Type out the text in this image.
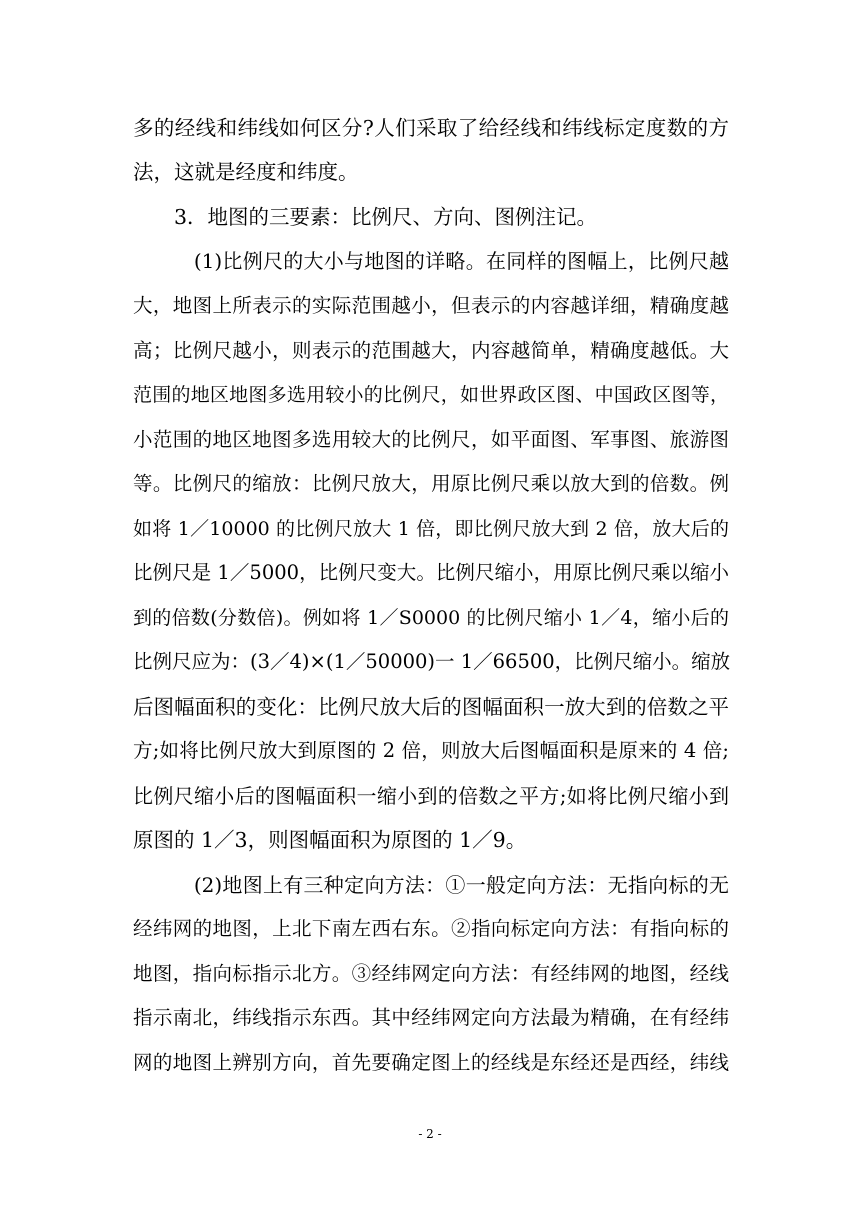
多的经线和纬线如何区分?人们采取了给经线和纬线标定度数的方
法，这就是经度和纬度。
　　3．地图的三要素：比例尺、方向、图例注记。
　　　(1)比例尺的大小与地图的详略。在同样的图幅上，比例尺越
大，地图上所表示的实际范围越小，但表示的内容越详细，精确度越
高；比例尺越小，则表示的范围越大，内容越简单，精确度越低。大
范围的地区地图多选用较小的比例尺，如世界政区图、中国政区图等，
小范围的地区地图多选用较大的比例尺，如平面图、军事图、旅游图
等。比例尺的缩放：比例尺放大，用原比例尺乘以放大到的倍数。例
如将 1／10000 的比例尺放大 1 倍，即比例尺放大到 2 倍，放大后的
比例尺是 1／5000，比例尺变大。比例尺缩小，用原比例尺乘以缩小
到的倍数(分数倍)。例如将 1／S0000 的比例尺缩小 1／4，缩小后的
比例尺应为：(3／4)×(1／50000)一 1／66500，比例尺缩小。缩放
后图幅面积的变化：比例尺放大后的图幅面积一放大到的倍数之平
方;如将比例尺放大到原图的 2 倍，则放大后图幅面积是原来的 4 倍;
比例尺缩小后的图幅面积一缩小到的倍数之平方;如将比例尺缩小到
原图的 1／3，则图幅面积为原图的 1／9。
　　　(2)地图上有三种定向方法：①一般定向方法：无指向标的无
经纬网的地图，上北下南左西右东。②指向标定向方法：有指向标的
地图，指向标指示北方。③经纬网定向方法：有经纬网的地图，经线
指示南北，纬线指示东西。其中经纬网定向方法最为精确，在有经纬
网的地图上辨别方向，首先要确定图上的经线是东经还是西经，纬线
- 2 -
